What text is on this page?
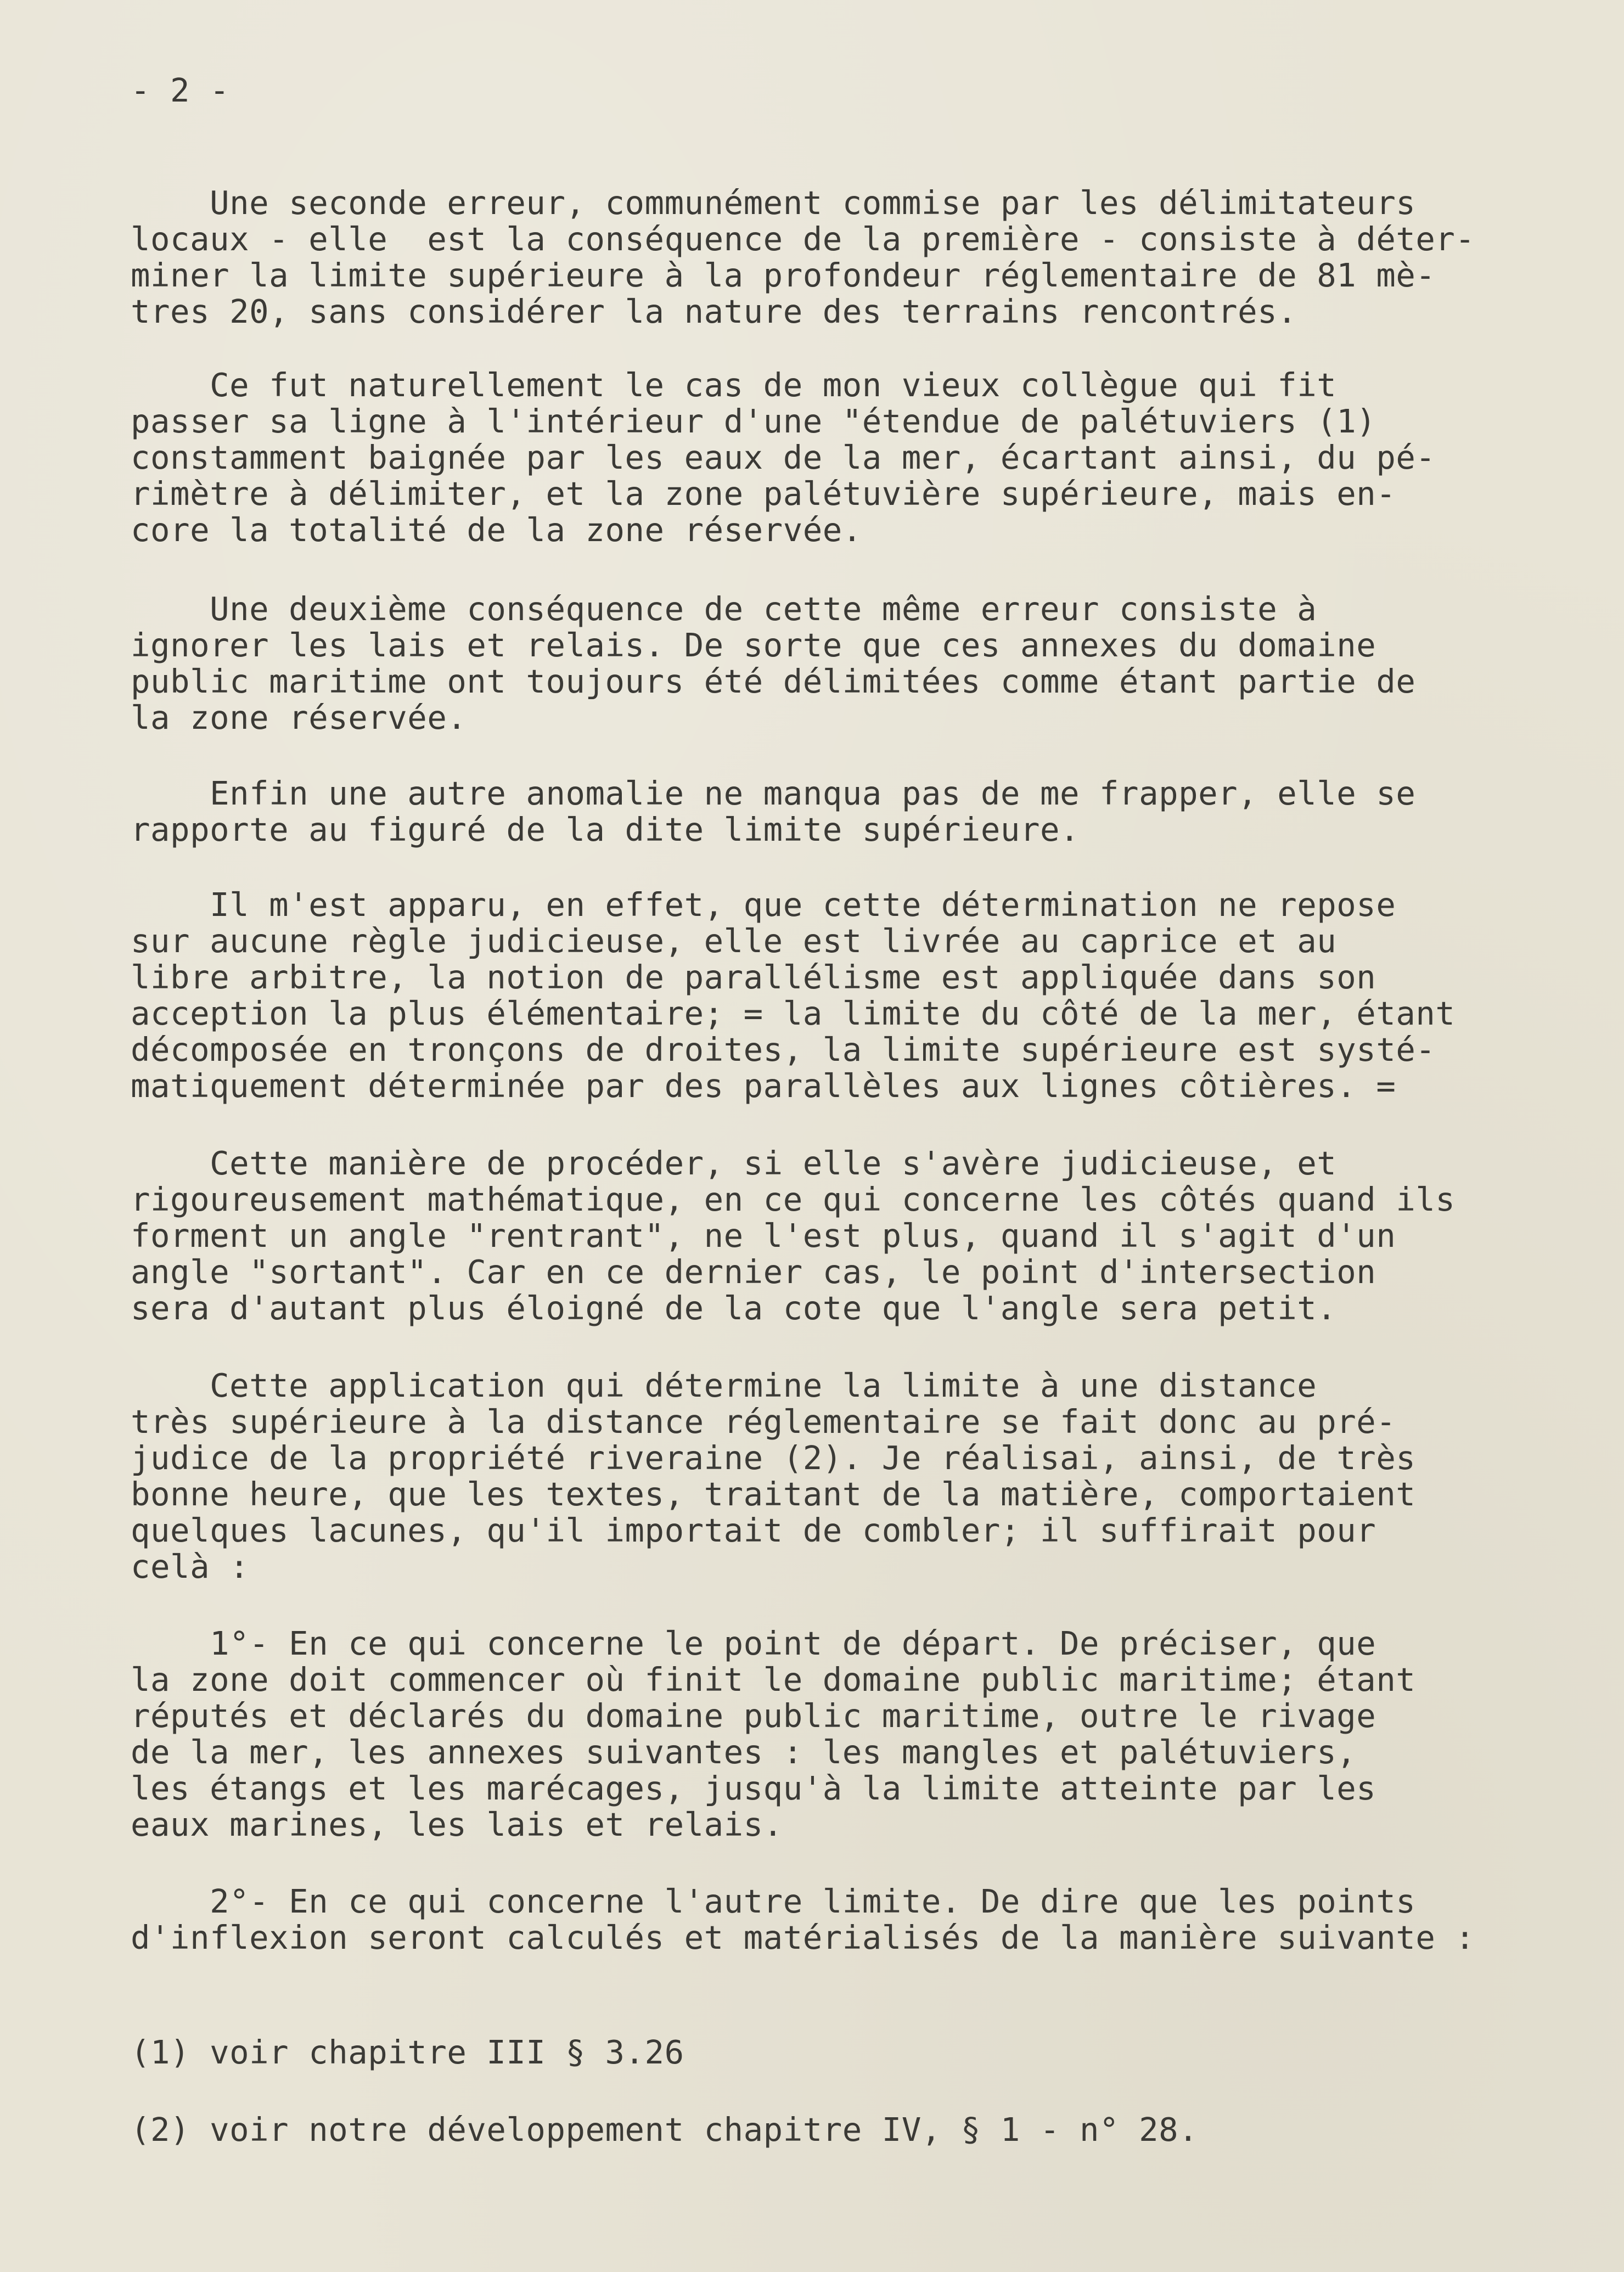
- 2 -
Une seconde erreur, communément commise par les délimitateurs
locaux - elle  est la conséquence de la première - consiste à déter-
miner la limite supérieure à la profondeur réglementaire de 81 mè-
tres 20, sans considérer la nature des terrains rencontrés.
Ce fut naturellement le cas de mon vieux collègue qui fit
passer sa ligne à l'intérieur d'une "étendue de palétuviers (1)
constamment baignée par les eaux de la mer, écartant ainsi, du pé-
rimètre à délimiter, et la zone palétuvière supérieure, mais en-
core la totalité de la zone réservée.
Une deuxième conséquence de cette même erreur consiste à
ignorer les lais et relais. De sorte que ces annexes du domaine
public maritime ont toujours été délimitées comme étant partie de
la zone réservée.
Enfin une autre anomalie ne manqua pas de me frapper, elle se
rapporte au figuré de la dite limite supérieure.
Il m'est apparu, en effet, que cette détermination ne repose
sur aucune règle judicieuse, elle est livrée au caprice et au
libre arbitre, la notion de parallélisme est appliquée dans son
acception la plus élémentaire; = la limite du côté de la mer, étant
décomposée en tronçons de droites, la limite supérieure est systé-
matiquement déterminée par des parallèles aux lignes côtières. =
Cette manière de procéder, si elle s'avère judicieuse, et
rigoureusement mathématique, en ce qui concerne les côtés quand ils
forment un angle "rentrant", ne l'est plus, quand il s'agit d'un
angle "sortant". Car en ce dernier cas, le point d'intersection
sera d'autant plus éloigné de la cote que l'angle sera petit.
Cette application qui détermine la limite à une distance
très supérieure à la distance réglementaire se fait donc au pré-
judice de la propriété riveraine (2). Je réalisai, ainsi, de très
bonne heure, que les textes, traitant de la matière, comportaient
quelques lacunes, qu'il importait de combler; il suffirait pour
celà :
1°- En ce qui concerne le point de départ. De préciser, que
la zone doit commencer où finit le domaine public maritime; étant
réputés et déclarés du domaine public maritime, outre le rivage
de la mer, les annexes suivantes : les mangles et palétuviers,
les étangs et les marécages, jusqu'à la limite atteinte par les
eaux marines, les lais et relais.
2°- En ce qui concerne l'autre limite. De dire que les points
d'inflexion seront calculés et matérialisés de la manière suivante :
(1) voir chapitre III § 3.26
(2) voir notre développement chapitre IV, § 1 - n° 28.
